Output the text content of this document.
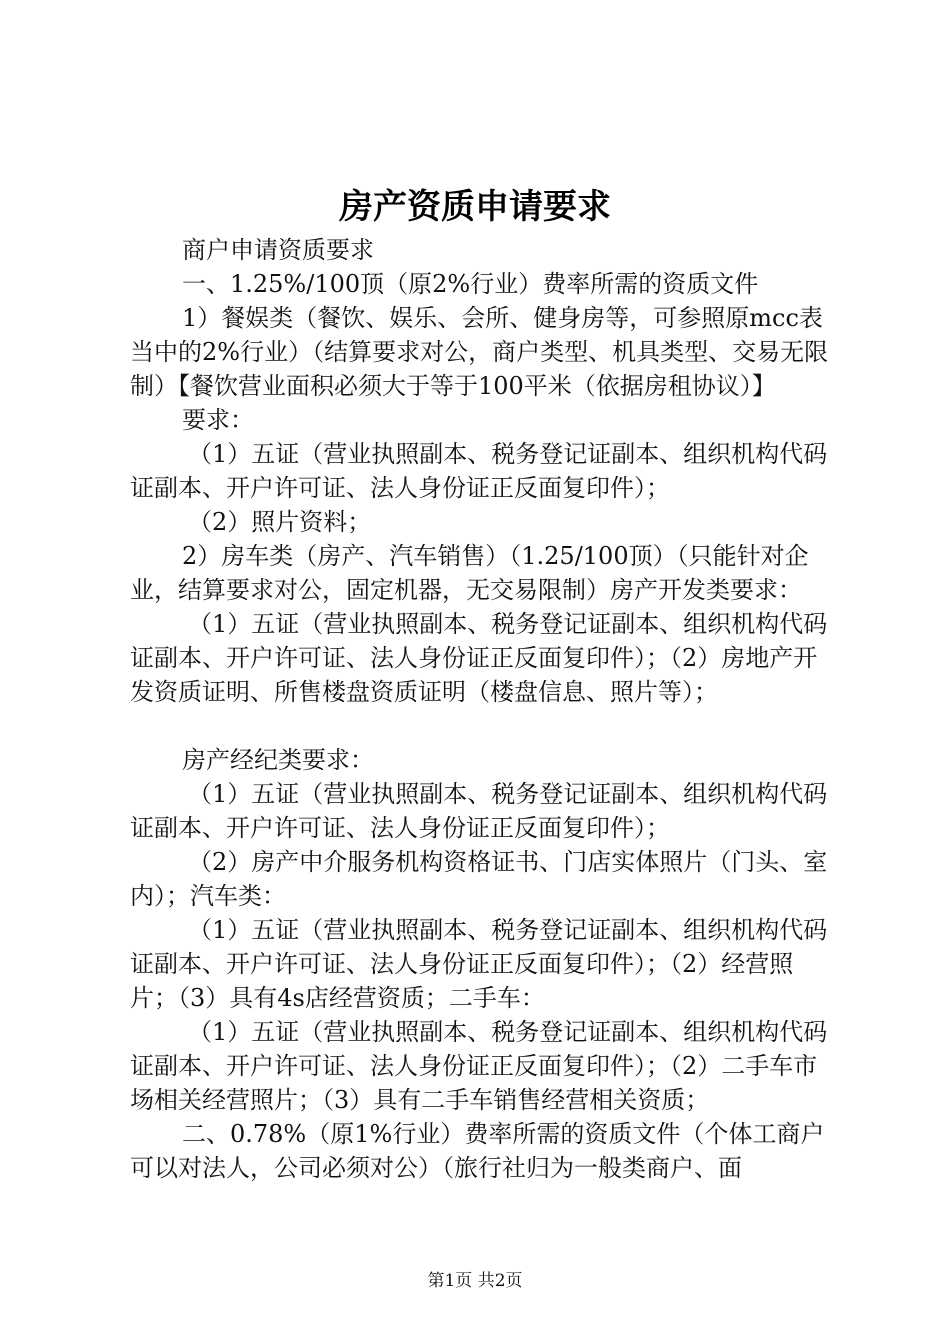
房产资质申请要求

商户申请资质要求

一、1.25%/100顶（原2%行业）费率所需的资质文件

1）餐娱类（餐饮、娱乐、会所、健身房等，可参照原mcc表当中的2%行业）（结算要求对公，商户类型、机具类型、交易无限制）【餐饮营业面积必须大于等于100平米（依据房租协议）】

要求：

（1）五证（营业执照副本、税务登记证副本、组织机构代码证副本、开户许可证、法人身份证正反面复印件）；

（2）照片资料；

2）房车类（房产、汽车销售）（1.25/100顶）（只能针对企业，结算要求对公，固定机器，无交易限制）房产开发类要求：

（1）五证（营业执照副本、税务登记证副本、组织机构代码证副本、开户许可证、法人身份证正反面复印件）；（2）房地产开发资质证明、所售楼盘资质证明（楼盘信息、照片等）；

房产经纪类要求：

（1）五证（营业执照副本、税务登记证副本、组织机构代码证副本、开户许可证、法人身份证正反面复印件）；

（2）房产中介服务机构资格证书、门店实体照片（门头、室内）；汽车类：

（1）五证（营业执照副本、税务登记证副本、组织机构代码证副本、开户许可证、法人身份证正反面复印件）；（2）经营照片；（3）具有4s店经营资质；二手车：

（1）五证（营业执照副本、税务登记证副本、组织机构代码证副本、开户许可证、法人身份证正反面复印件）；（2）二手车市场相关经营照片；（3）具有二手车销售经营相关资质；

二、0.78%（原1%行业）费率所需的资质文件（个体工商户可以对法人，公司必须对公）（旅行社归为一般类商户、面

第1页 共2页
